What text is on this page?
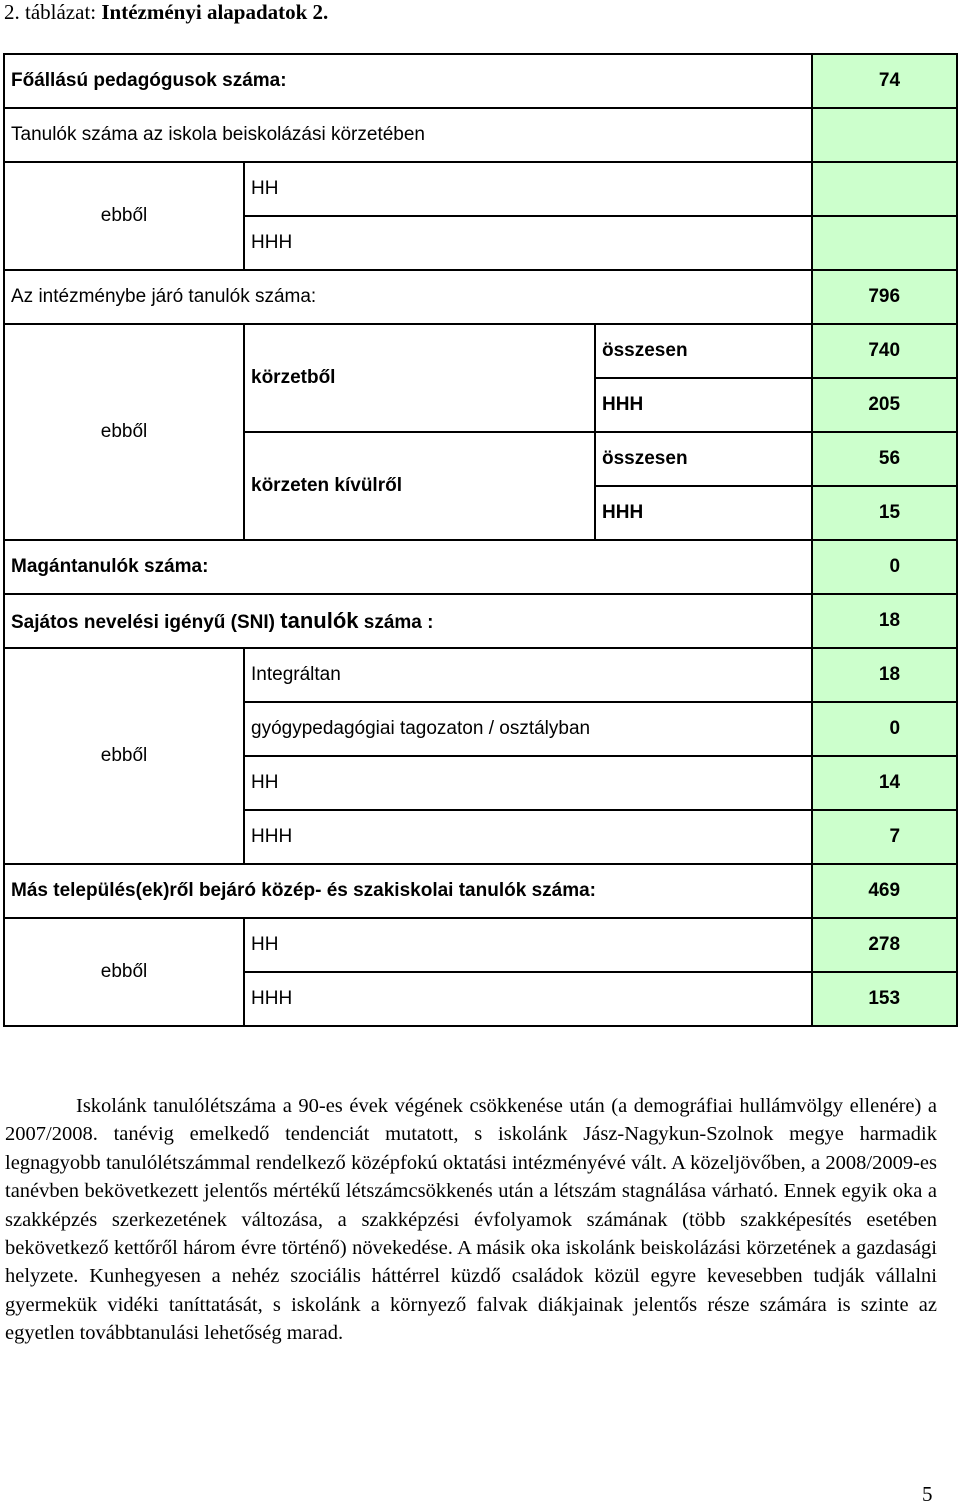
2. táblázat: Intézményi alapadatok 2.
Főállású pedagógusok száma:			74
Tanulók száma az iskola beiskolázási körzetében			
ebből	HH		
	HHH		
Az intézménybe járó tanulók száma:			796
ebből	körzetből	összesen	740
		HHH	205
	körzeten kívülről	összesen	56
		HHH	15
Magántanulók száma:			0
Sajátos nevelési igényű (SNI) tanulók száma :			18
ebből	Integráltan		18
	gyógypedagógiai tagozaton / osztályban		0
	HH		14
	HHH		7
Más település(ek)ről bejáró közép- és szakiskolai tanulók száma:			469
ebből	HH		278
	HHH		153

Iskolánk tanulólétszáma a 90-es évek végének csökkenése után (a demográfiai hullámvölgy ellenére) a 2007/2008. tanévig emelkedő tendenciát mutatott, s iskolánk Jász-Nagykun-Szolnok megye harmadik legnagyobb tanulólétszámmal rendelkező középfokú oktatási intézményévé vált. A közeljövőben, a 2008/2009-es tanévben bekövetkezett jelentős mértékű létszámcsökkenés után a létszám stagnálása várható. Ennek egyik oka a szakképzés szerkezetének változása, a szakképzési évfolyamok számának (több szakképesítés esetében bekövetkező kettőről három évre történő) növekedése. A másik oka iskolánk beiskolázási körzetének a gazdasági helyzete. Kunhegyesen a nehéz szociális háttérrel küzdő családok közül egyre kevesebben tudják vállalni gyermekük vidéki taníttatását, s iskolánk a környező falvak diákjainak jelentős része számára is szinte az egyetlen továbbtanulási lehetőség marad.

5
